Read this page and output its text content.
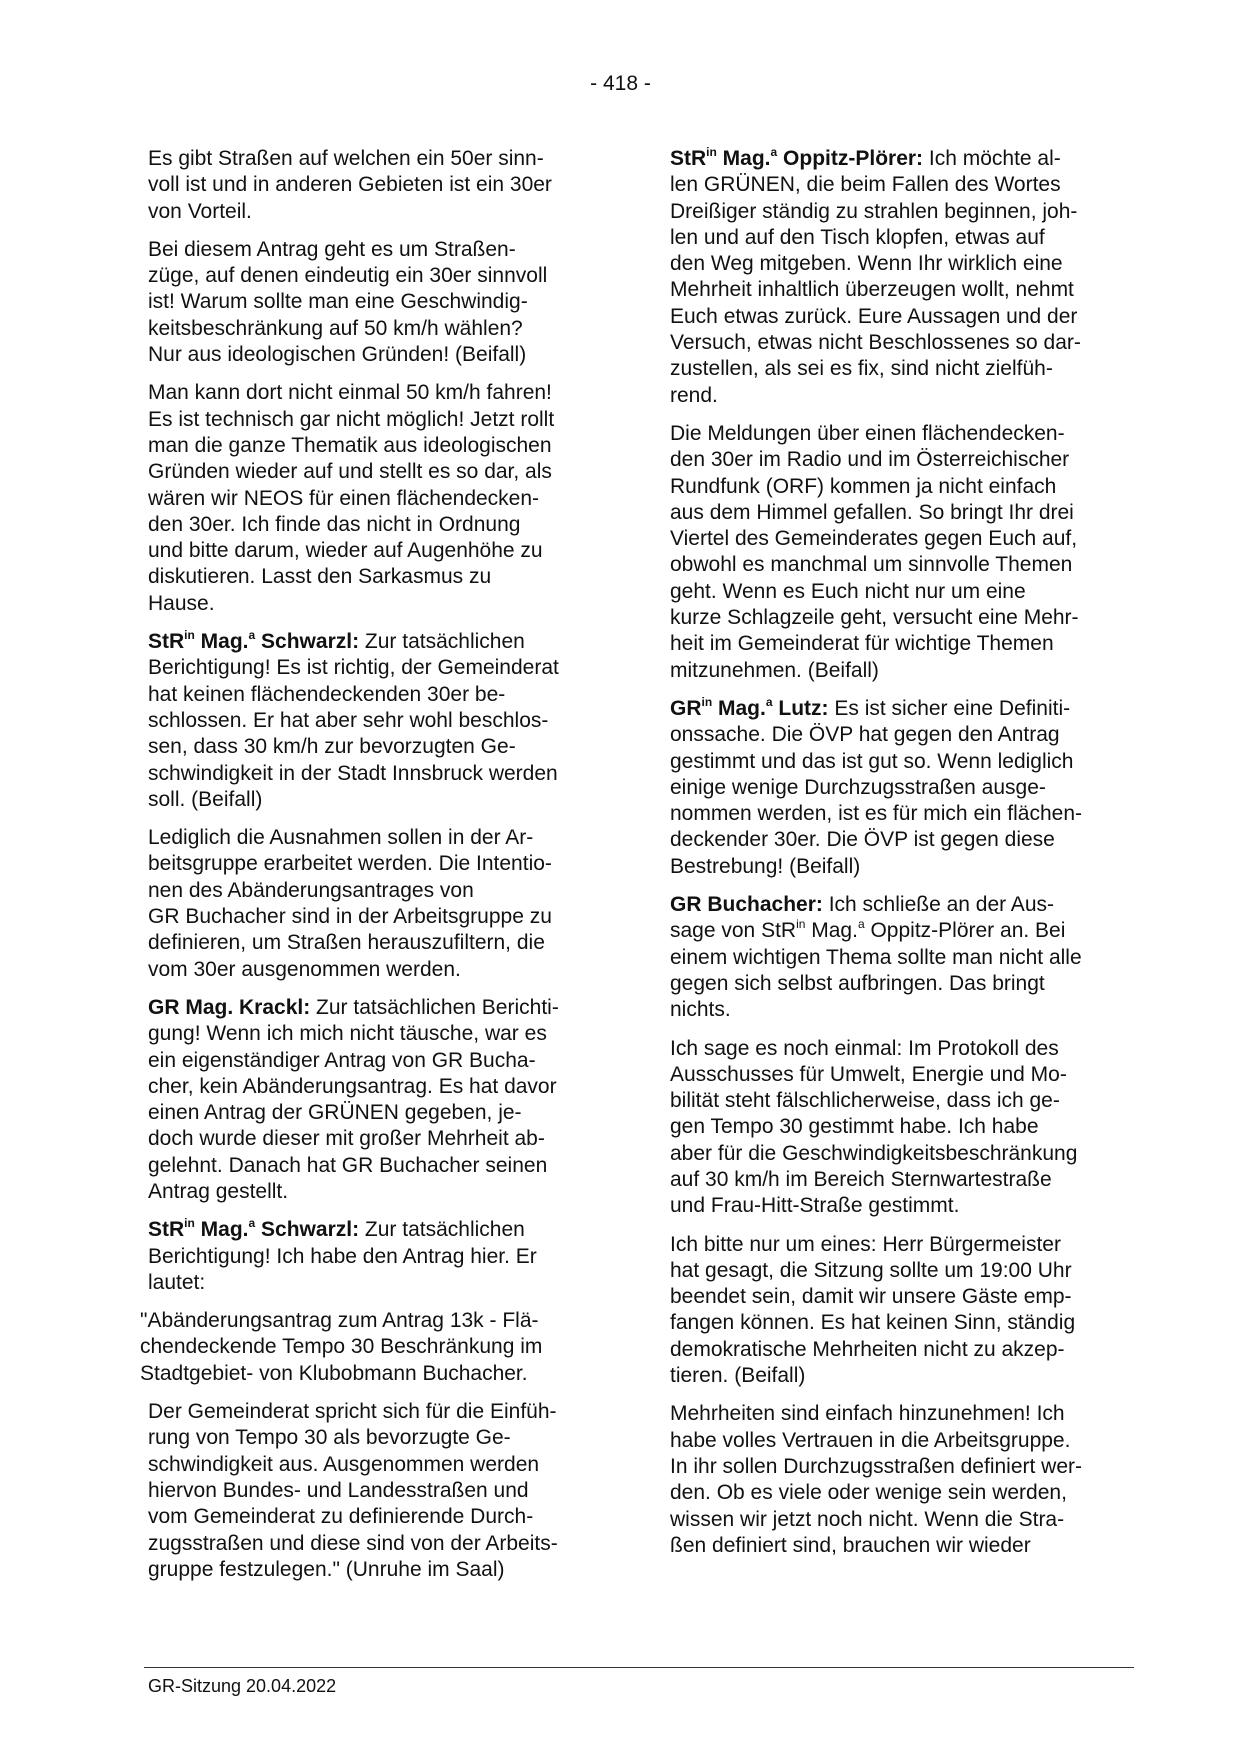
- 418 -

Es gibt Straßen auf welchen ein 50er sinn-
voll ist und in anderen Gebieten ist ein 30er
von Vorteil.

Bei diesem Antrag geht es um Straßen-
züge, auf denen eindeutig ein 30er sinnvoll
ist! Warum sollte man eine Geschwindig-
keitsbeschränkung auf 50 km/h wählen?
Nur aus ideologischen Gründen! (Beifall)

Man kann dort nicht einmal 50 km/h fahren!
Es ist technisch gar nicht möglich! Jetzt rollt
man die ganze Thematik aus ideologischen
Gründen wieder auf und stellt es so dar, als
wären wir NEOS für einen flächendecken-
den 30er. Ich finde das nicht in Ordnung
und bitte darum, wieder auf Augenhöhe zu
diskutieren. Lasst den Sarkasmus zu
Hause.

StR$^{in}$ Mag.$^a$ Schwarzl: Zur tatsächlichen
Berichtigung! Es ist richtig, der Gemeinderat
hat keinen flächendeckenden 30er be-
schlossen. Er hat aber sehr wohl beschlos-
sen, dass 30 km/h zur bevorzugten Ge-
schwindigkeit in der Stadt Innsbruck werden
soll. (Beifall)

Lediglich die Ausnahmen sollen in der Ar-
beitsgruppe erarbeitet werden. Die Intentio-
nen des Abänderungsantrages von
GR Buchacher sind in der Arbeitsgruppe zu
definieren, um Straßen herauszufiltern, die
vom 30er ausgenommen werden.

GR Mag. Krackl: Zur tatsächlichen Berichti-
gung! Wenn ich mich nicht täusche, war es
ein eigenständiger Antrag von GR Bucha-
cher, kein Abänderungsantrag. Es hat davor
einen Antrag der GRÜNEN gegeben, je-
doch wurde dieser mit großer Mehrheit ab-
gelehnt. Danach hat GR Buchacher seinen
Antrag gestellt.

StR$^{in}$ Mag.$^a$ Schwarzl: Zur tatsächlichen
Berichtigung! Ich habe den Antrag hier. Er
lautet:

"Abänderungsantrag zum Antrag 13k - Flä-
chendeckende Tempo 30 Beschränkung im
Stadtgebiet- von Klubobmann Buchacher.

Der Gemeinderat spricht sich für die Einfüh-
rung von Tempo 30 als bevorzugte Ge-
schwindigkeit aus. Ausgenommen werden
hiervon Bundes- und Landesstraßen und
vom Gemeinderat zu definierende Durch-
zugsstraßen und diese sind von der Arbeits-
gruppe festzulegen." (Unruhe im Saal)

StR$^{in}$ Mag.$^a$ Oppitz-Plörer: Ich möchte al-
len GRÜNEN, die beim Fallen des Wortes
Dreißiger ständig zu strahlen beginnen, joh-
len und auf den Tisch klopfen, etwas auf
den Weg mitgeben. Wenn Ihr wirklich eine
Mehrheit inhaltlich überzeugen wollt, nehmt
Euch etwas zurück. Eure Aussagen und der
Versuch, etwas nicht Beschlossenes so dar-
zustellen, als sei es fix, sind nicht zielfüh-
rend.

Die Meldungen über einen flächendecken-
den 30er im Radio und im Österreichischer
Rundfunk (ORF) kommen ja nicht einfach
aus dem Himmel gefallen. So bringt Ihr drei
Viertel des Gemeinderates gegen Euch auf,
obwohl es manchmal um sinnvolle Themen
geht. Wenn es Euch nicht nur um eine
kurze Schlagzeile geht, versucht eine Mehr-
heit im Gemeinderat für wichtige Themen
mitzunehmen. (Beifall)

$GR^{in}$ Mag.$^a$ Lutz: Es ist sicher eine Definiti-
onssache. Die ÖVP hat gegen den Antrag
gestimmt und das ist gut so. Wenn lediglich
einige wenige Durchzugsstraßen ausge-
nommen werden, ist es für mich ein flächen-
deckender 30er. Die ÖVP ist gegen diese
Bestrebung! (Beifall)

GR Buchacher: Ich schließe an der Aus-
sage von StR$^{in}$ Mag.$^a$ Oppitz-Plörer an. Bei
einem wichtigen Thema sollte man nicht alle
gegen sich selbst aufbringen. Das bringt
nichts.

Ich sage es noch einmal: Im Protokoll des
Ausschusses für Umwelt, Energie und Mo-
bilität steht fälschlicherweise, dass ich ge-
gen Tempo 30 gestimmt habe. Ich habe
aber für die Geschwindigkeitsbeschränkung
auf 30 km/h im Bereich Sternwartestraße
und Frau-Hitt-Straße gestimmt.

Ich bitte nur um eines: Herr Bürgermeister
hat gesagt, die Sitzung sollte um 19:00 Uhr
beendet sein, damit wir unsere Gäste emp-
fangen können. Es hat keinen Sinn, ständig
demokratische Mehrheiten nicht zu akzep-
tieren. (Beifall)

Mehrheiten sind einfach hinzunehmen! Ich
habe volles Vertrauen in die Arbeitsgruppe.
In ihr sollen Durchzugsstraßen definiert wer-
den. Ob es viele oder wenige sein werden,
wissen wir jetzt noch nicht. Wenn die Stra-
ßen definiert sind, brauchen wir wieder

GR-Sitzung 20.04.2022
